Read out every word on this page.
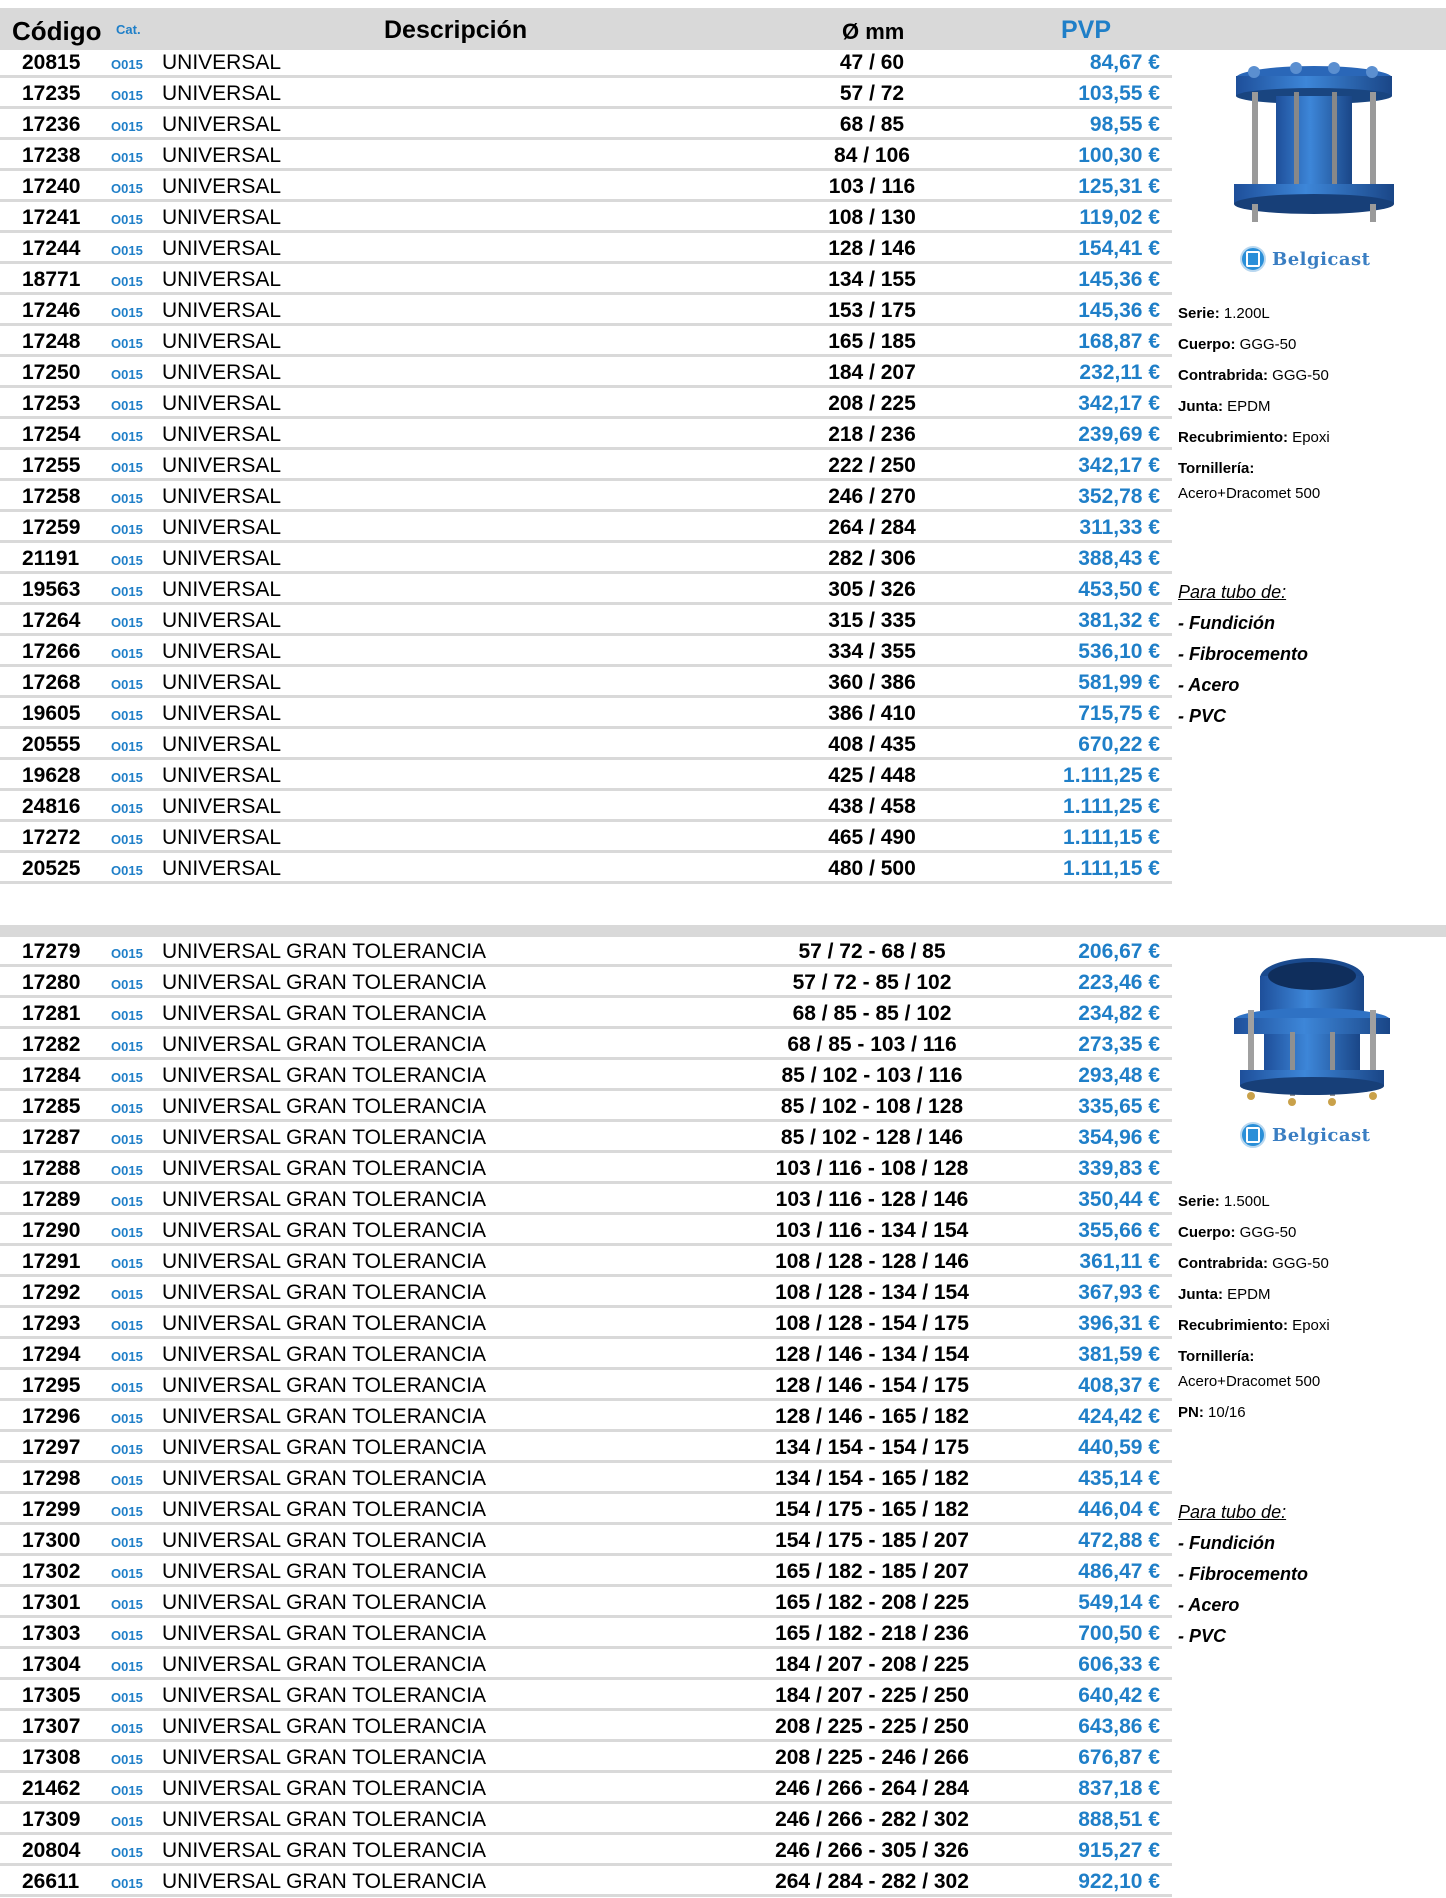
Código Cat.	Descripción	Ø mm	PVP
20815 O015 UNIVERSAL	47 / 60	84,67 €
17235 O015 UNIVERSAL	57 / 72	103,55 €
17236 O015 UNIVERSAL	68 / 85	98,55 €
17238 O015 UNIVERSAL	84 / 106	100,30 €
17240 O015 UNIVERSAL	103 / 116	125,31 €
17241 O015 UNIVERSAL	108 / 130	119,02 €
17244 O015 UNIVERSAL	128 / 146	154,41 €
18771 O015 UNIVERSAL	134 / 155	145,36 €
17246 O015 UNIVERSAL	153 / 175	145,36 €
17248 O015 UNIVERSAL	165 / 185	168,87 €
17250 O015 UNIVERSAL	184 / 207	232,11 €
17253 O015 UNIVERSAL	208 / 225	342,17 €
17254 O015 UNIVERSAL	218 / 236	239,69 €
17255 O015 UNIVERSAL	222 / 250	342,17 €
17258 O015 UNIVERSAL	246 / 270	352,78 €
17259 O015 UNIVERSAL	264 / 284	311,33 €
21191 O015 UNIVERSAL	282 / 306	388,43 €
19563 O015 UNIVERSAL	305 / 326	453,50 €
17264 O015 UNIVERSAL	315 / 335	381,32 €
17266 O015 UNIVERSAL	334 / 355	536,10 €
17268 O015 UNIVERSAL	360 / 386	581,99 €
19605 O015 UNIVERSAL	386 / 410	715,75 €
20555 O015 UNIVERSAL	408 / 435	670,22 €
19628 O015 UNIVERSAL	425 / 448	1.111,25 €
24816 O015 UNIVERSAL	438 / 458	1.111,25 €
17272 O015 UNIVERSAL	465 / 490	1.111,15 €
20525 O015 UNIVERSAL	480 / 500	1.111,15 €
Belgicast
Serie: 1.200L
Cuerpo: GGG-50
Contrabrida: GGG-50
Junta: EPDM
Recubrimiento: Epoxi
Tornillería:
Acero+Dracomet 500
Para tubo de:
- Fundición
- Fibrocemento
- Acero
- PVC
17279 O015 UNIVERSAL GRAN TOLERANCIA	57 / 72 - 68 / 85	206,67 €
17280 O015 UNIVERSAL GRAN TOLERANCIA	57 / 72 - 85 / 102	223,46 €
17281 O015 UNIVERSAL GRAN TOLERANCIA	68 / 85 - 85 / 102	234,82 €
17282 O015 UNIVERSAL GRAN TOLERANCIA	68 / 85 - 103 / 116	273,35 €
17284 O015 UNIVERSAL GRAN TOLERANCIA	85 / 102 - 103 / 116	293,48 €
17285 O015 UNIVERSAL GRAN TOLERANCIA	85 / 102 - 108 / 128	335,65 €
17287 O015 UNIVERSAL GRAN TOLERANCIA	85 / 102 - 128 / 146	354,96 €
17288 O015 UNIVERSAL GRAN TOLERANCIA	103 / 116 - 108 / 128	339,83 €
17289 O015 UNIVERSAL GRAN TOLERANCIA	103 / 116 - 128 / 146	350,44 €
17290 O015 UNIVERSAL GRAN TOLERANCIA	103 / 116 - 134 / 154	355,66 €
17291 O015 UNIVERSAL GRAN TOLERANCIA	108 / 128 - 128 / 146	361,11 €
17292 O015 UNIVERSAL GRAN TOLERANCIA	108 / 128 - 134 / 154	367,93 €
17293 O015 UNIVERSAL GRAN TOLERANCIA	108 / 128 - 154 / 175	396,31 €
17294 O015 UNIVERSAL GRAN TOLERANCIA	128 / 146 - 134 / 154	381,59 €
17295 O015 UNIVERSAL GRAN TOLERANCIA	128 / 146 - 154 / 175	408,37 €
17296 O015 UNIVERSAL GRAN TOLERANCIA	128 / 146 - 165 / 182	424,42 €
17297 O015 UNIVERSAL GRAN TOLERANCIA	134 / 154 - 154 / 175	440,59 €
17298 O015 UNIVERSAL GRAN TOLERANCIA	134 / 154 - 165 / 182	435,14 €
17299 O015 UNIVERSAL GRAN TOLERANCIA	154 / 175 - 165 / 182	446,04 €
17300 O015 UNIVERSAL GRAN TOLERANCIA	154 / 175 - 185 / 207	472,88 €
17302 O015 UNIVERSAL GRAN TOLERANCIA	165 / 182 - 185 / 207	486,47 €
17301 O015 UNIVERSAL GRAN TOLERANCIA	165 / 182 - 208 / 225	549,14 €
17303 O015 UNIVERSAL GRAN TOLERANCIA	165 / 182 - 218 / 236	700,50 €
17304 O015 UNIVERSAL GRAN TOLERANCIA	184 / 207 - 208 / 225	606,33 €
17305 O015 UNIVERSAL GRAN TOLERANCIA	184 / 207 - 225 / 250	640,42 €
17307 O015 UNIVERSAL GRAN TOLERANCIA	208 / 225 - 225 / 250	643,86 €
17308 O015 UNIVERSAL GRAN TOLERANCIA	208 / 225 - 246 / 266	676,87 €
21462 O015 UNIVERSAL GRAN TOLERANCIA	246 / 266 - 264 / 284	837,18 €
17309 O015 UNIVERSAL GRAN TOLERANCIA	246 / 266 - 282 / 302	888,51 €
20804 O015 UNIVERSAL GRAN TOLERANCIA	246 / 266 - 305 / 326	915,27 €
26611 O015 UNIVERSAL GRAN TOLERANCIA	264 / 284 - 282 / 302	922,10 €
Belgicast
Serie: 1.500L
Cuerpo: GGG-50
Contrabrida: GGG-50
Junta: EPDM
Recubrimiento: Epoxi
Tornillería:
Acero+Dracomet 500
PN: 10/16
Para tubo de:
- Fundición
- Fibrocemento
- Acero
- PVC
